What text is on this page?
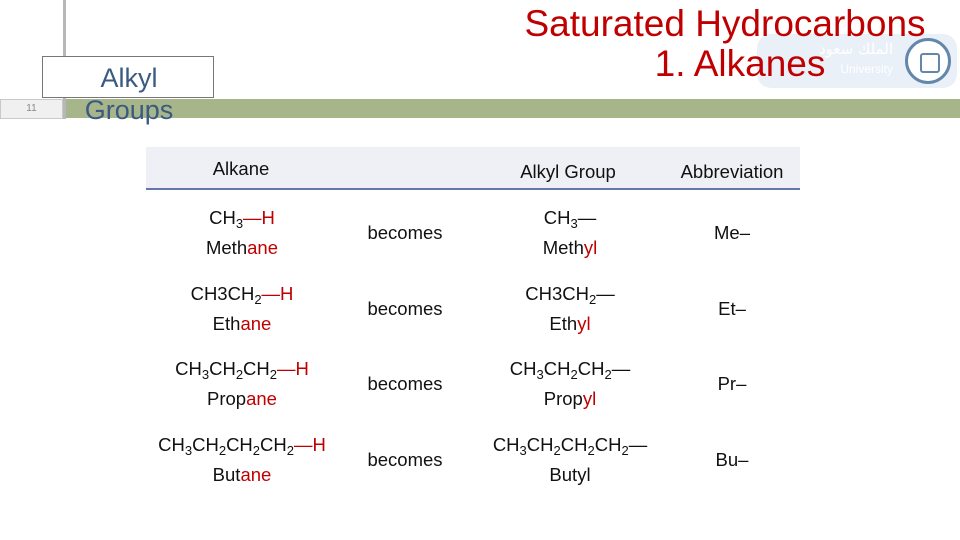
الملك سعود
University
Saturated Hydrocarbons
1. Alkanes
11
Alkyl
Groups
Alkane	Alkyl Group	Abbreviation
$CH_3—H$
Methane
becomes
$CH_3—$
Methyl
Me–
$CH3CH_2—H$
Ethane
becomes
$CH3CH_2—$
Ethyl
Et–
$CH_3CH_2CH_2—H$
Propane
becomes
$CH_3CH_2CH_2—$
Propyl
Pr–
$CH_3CH_2CH_2CH_2—H$
Butane
becomes
$CH_3CH_2CH_2CH_2—$
Butyl
Bu–
